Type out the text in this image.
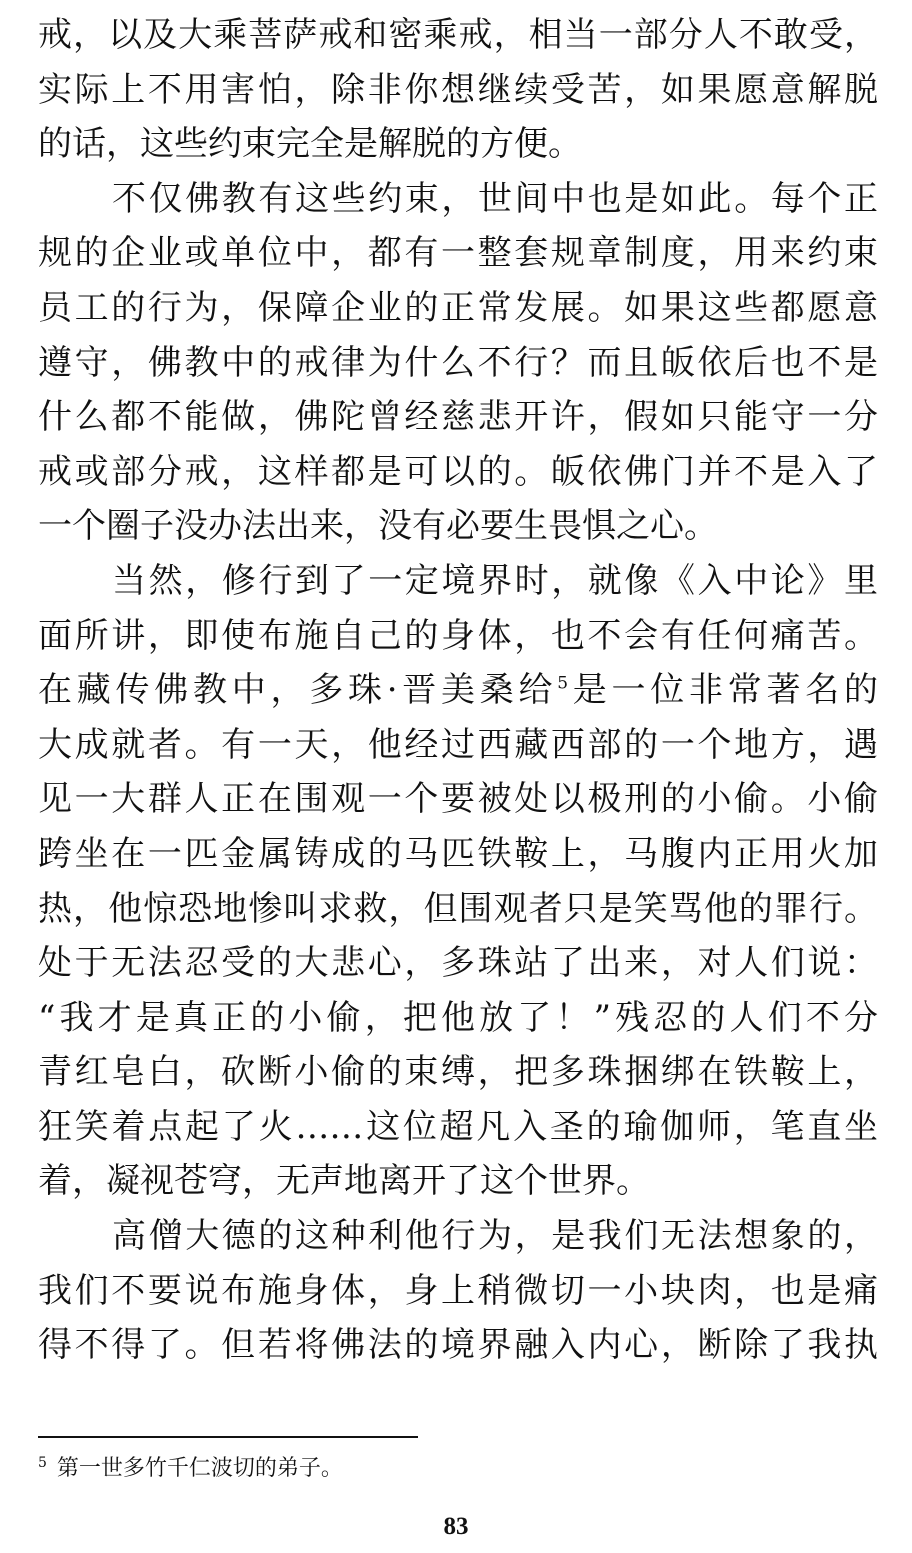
戒，以及大乘菩萨戒和密乘戒，相当一部分人不敢受，
实际上不用害怕，除非你想继续受苦，如果愿意解脱
的话，这些约束完全是解脱的方便。
不仅佛教有这些约束，世间中也是如此。每个正
规的企业或单位中，都有一整套规章制度，用来约束
员工的行为，保障企业的正常发展。如果这些都愿意
遵守，佛教中的戒律为什么不行？而且皈依后也不是
什么都不能做，佛陀曾经慈悲开许，假如只能守一分
戒或部分戒，这样都是可以的。皈依佛门并不是入了
一个圈子没办法出来，没有必要生畏惧之心。
当然，修行到了一定境界时，就像《入中论》里
面所讲，即使布施自己的身体，也不会有任何痛苦。
在藏传佛教中，多珠·晋美桑给$^5$是一位非常著名的
大成就者。有一天，他经过西藏西部的一个地方，遇
见一大群人正在围观一个要被处以极刑的小偷。小偷
跨坐在一匹金属铸成的马匹铁鞍上，马腹内正用火加
热，他惊恐地惨叫求救，但围观者只是笑骂他的罪行。
处于无法忍受的大悲心，多珠站了出来，对人们说：
“我才是真正的小偷，把他放了！”残忍的人们不分
青红皂白，砍断小偷的束缚，把多珠捆绑在铁鞍上，
狂笑着点起了火……这位超凡入圣的瑜伽师，笔直坐
着，凝视苍穹，无声地离开了这个世界。
高僧大德的这种利他行为，是我们无法想象的，
我们不要说布施身体，身上稍微切一小块肉，也是痛
得不得了。但若将佛法的境界融入内心，断除了我执
$^5$ 第一世多竹千仁波切的弟子。
83
